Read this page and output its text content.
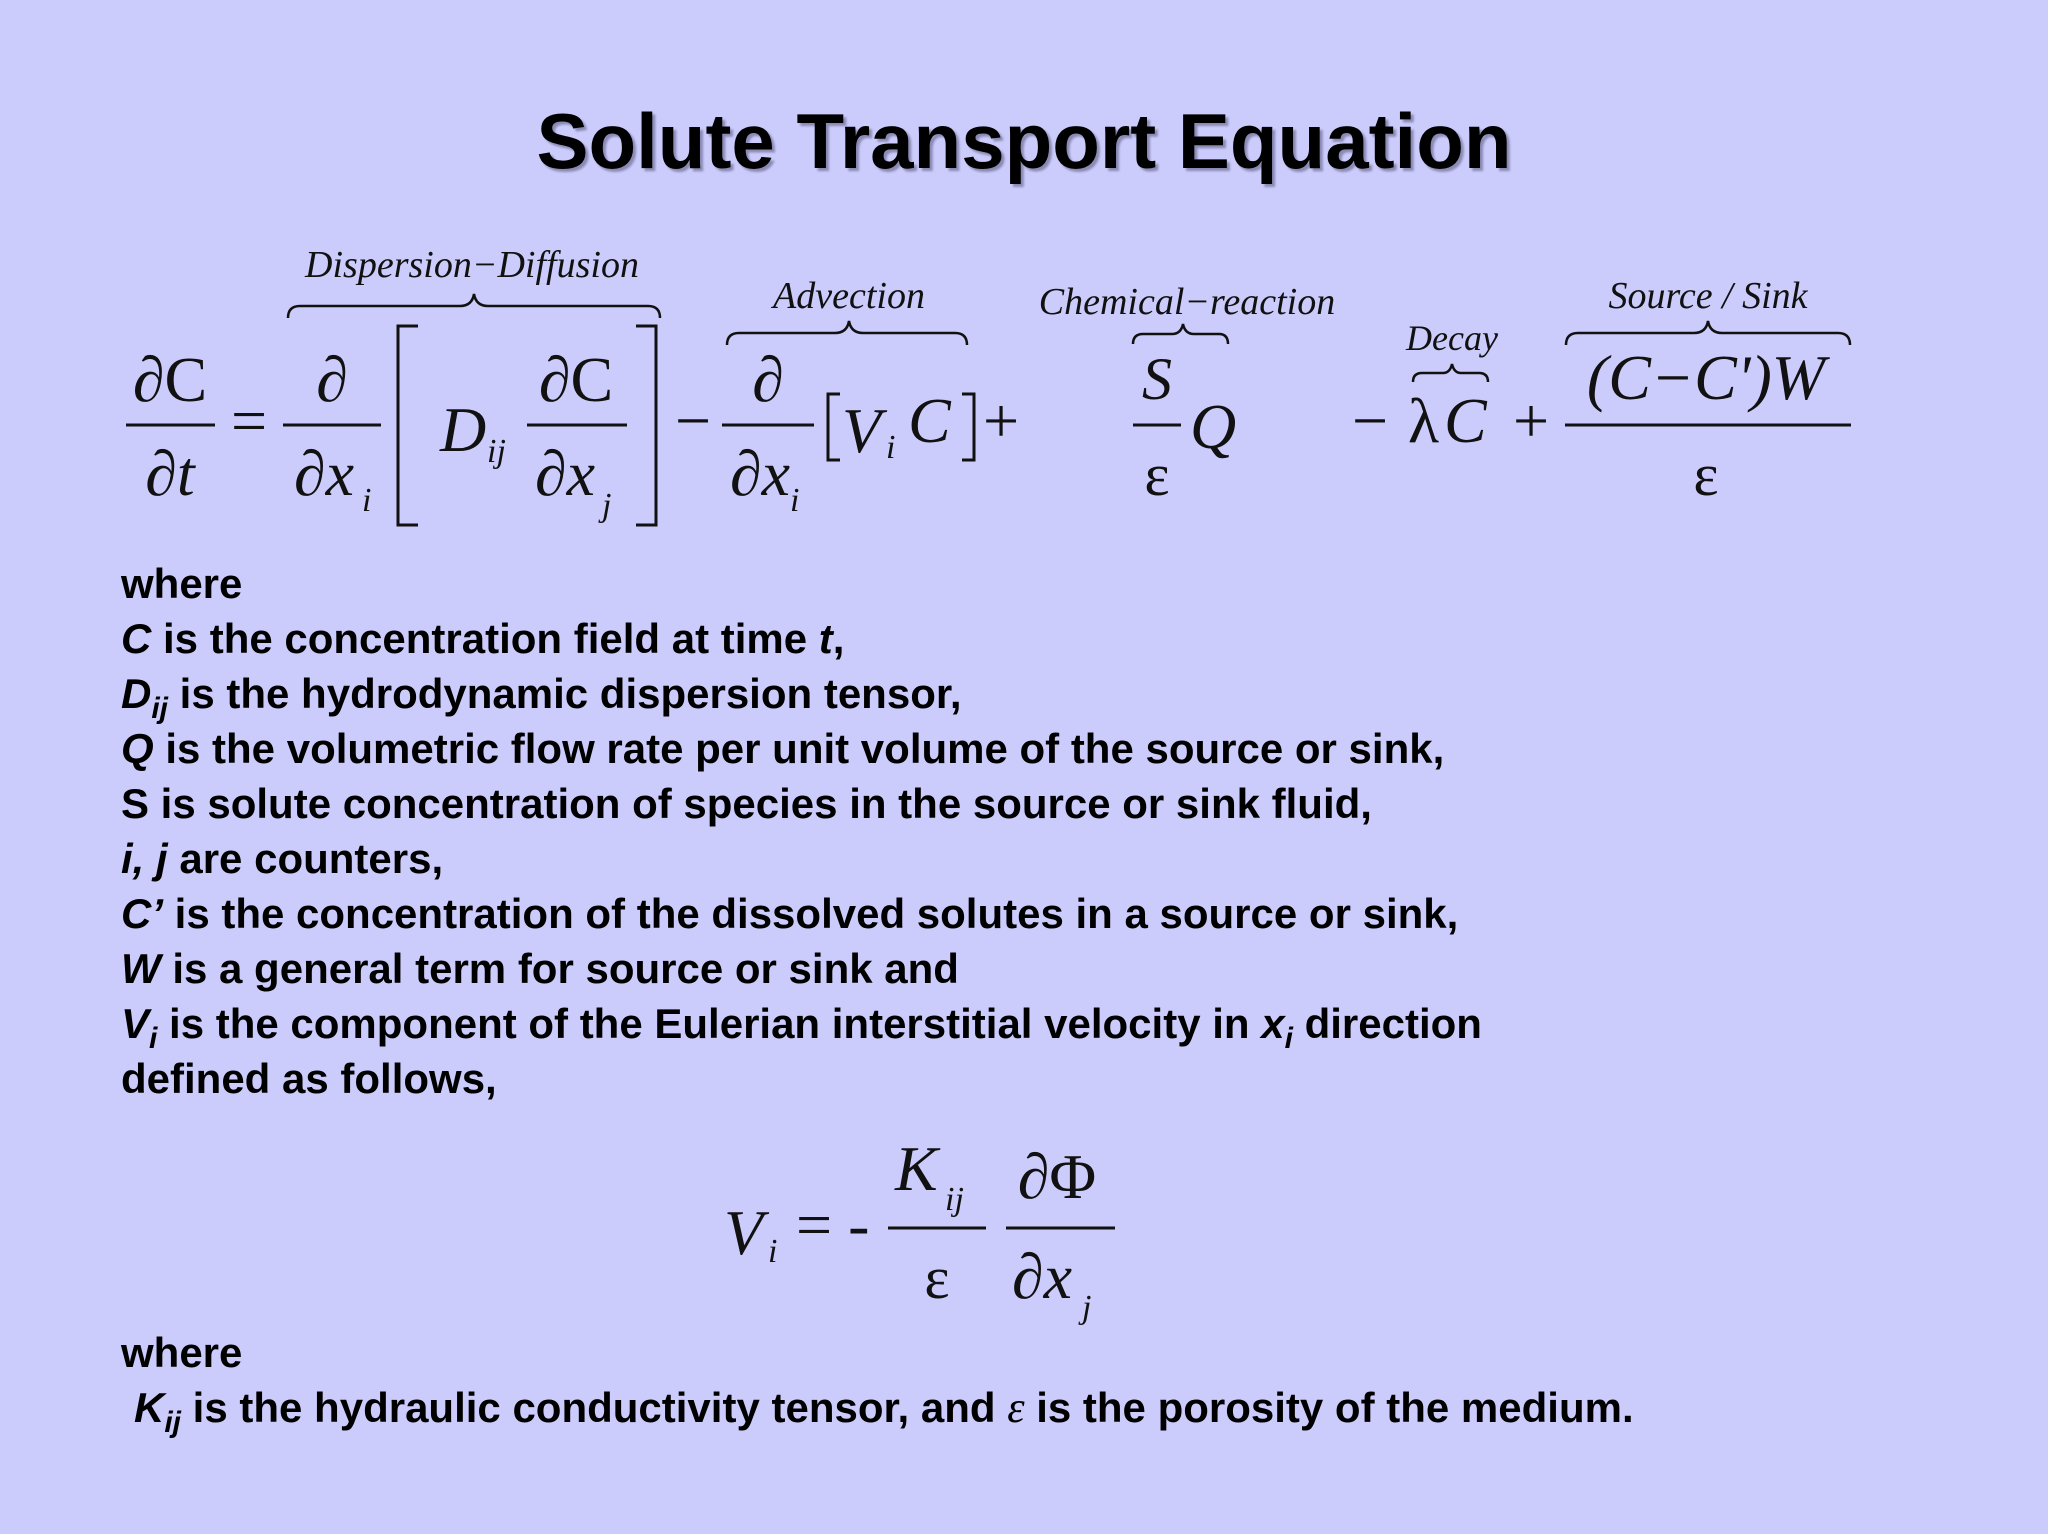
Solute Transport Equation
Dispersion−Diffusion
Advection	Chemical−reaction
Decay
Source / Sink
∂C
∂t
=
∂
∂x i
D ij
∂C
∂x j
−
∂
∂x i
V i C +
S
ε
Q − λ C +
(C−C')W
ε
where
C is the concentration field at time t,
$D_{ij}$ is the hydrodynamic dispersion tensor,
Q is the volumetric flow rate per unit volume of the source or sink,
S is solute concentration of species in the source or sink fluid,
i, j are counters,
C’ is the concentration of the dissolved solutes in a source or sink,
W is a general term for source or sink and
$V_i$ is the component of the Eulerian interstitial velocity in $x_i$ direction
defined as follows,
V i = -
K ij
ε
∂Φ
∂x j
where
$K_{ij}$ is the hydraulic conductivity tensor, and ε is the porosity of the medium.
